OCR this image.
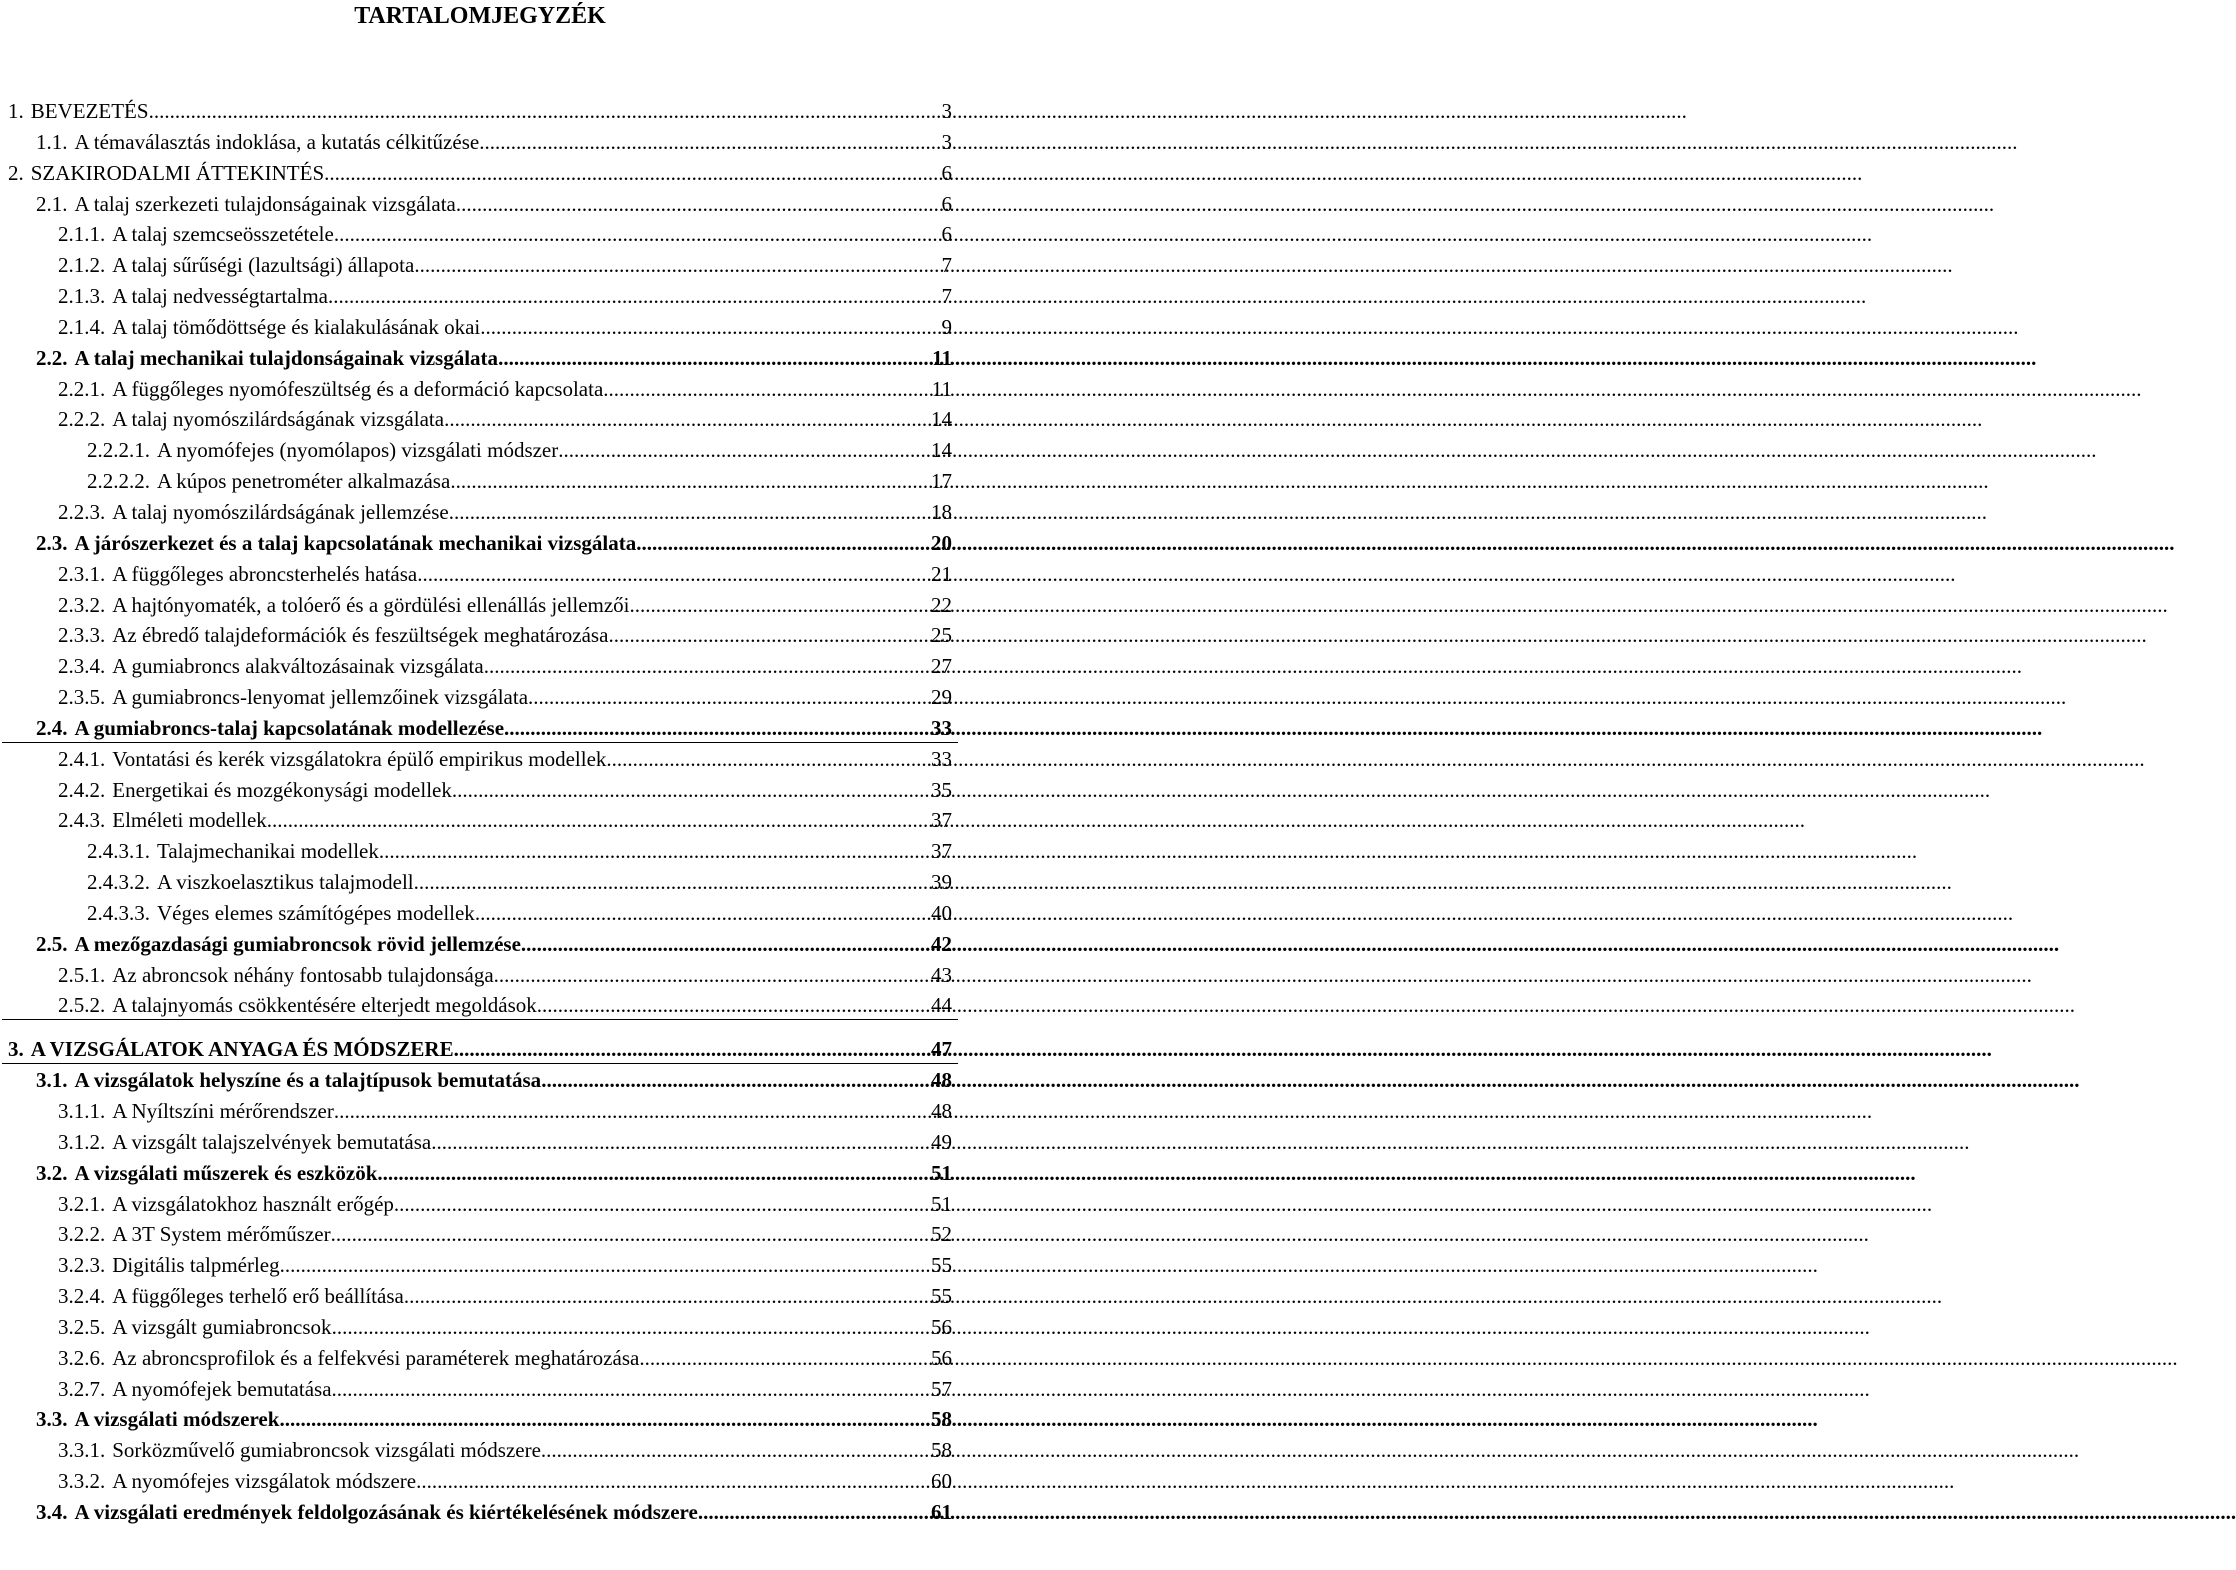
TARTALOMJEGYZÉK
1. BEVEZETÉS .....	3
1.1. A témaválasztás indoklása, a kutatás célkitűzése .....	3
2. SZAKIRODALMI ÁTTEKINTÉS .....	6
2.1. A talaj szerkezeti tulajdonságainak vizsgálata .....	6
2.1.1. A talaj szemcseösszetétele .....	6
2.1.2. A talaj sűrűségi (lazultsági) állapota .....	7
2.1.3. A talaj nedvességtartalma .....	7
2.1.4. A talaj tömődöttsége és kialakulásának okai .....	9
2.2. A talaj mechanikai tulajdonságainak vizsgálata .....	11
2.2.1. A függőleges nyomófeszültség és a deformáció kapcsolata .....	11
2.2.2. A talaj nyomószilárdságának vizsgálata .....	14
2.2.2.1. A nyomófejes (nyomólapos) vizsgálati módszer .....	14
2.2.2.2. A kúpos penetrométer alkalmazása .....	17
2.2.3. A talaj nyomószilárdságának jellemzése .....	18
2.3. A járószerkezet és a talaj kapcsolatának mechanikai vizsgálata .....	20
2.3.1. A függőleges abroncsterhelés hatása .....	21
2.3.2. A hajtónyomaték, a tolóerő és a gördülési ellenállás jellemzői .....	22
2.3.3. Az ébredő talajdeformációk és feszültségek meghatározása .....	25
2.3.4. A gumiabroncs alakváltozásainak vizsgálata .....	27
2.3.5. A gumiabroncs-lenyomat jellemzőinek vizsgálata .....	29
2.4. A gumiabroncs-talaj kapcsolatának modellezése .....	33
2.4.1. Vontatási és kerék vizsgálatokra épülő empirikus modellek .....	33
2.4.2. Energetikai és mozgékonysági modellek .....	35
2.4.3. Elméleti modellek .....	37
2.4.3.1. Talajmechanikai modellek .....	37
2.4.3.2. A viszkoelasztikus talajmodell .....	39
2.4.3.3. Véges elemes számítógépes modellek .....	40
2.5. A mezőgazdasági gumiabroncsok rövid jellemzése .....	42
2.5.1. Az abroncsok néhány fontosabb tulajdonsága .....	43
2.5.2. A talajnyomás csökkentésére elterjedt megoldások .....	44
3. A VIZSGÁLATOK ANYAGA ÉS MÓDSZERE .....	47
3.1. A vizsgálatok helyszíne és a talajtípusok bemutatása .....	48
3.1.1. A Nyíltszíni mérőrendszer .....	48
3.1.2. A vizsgált talajszelvények bemutatása .....	49
3.2. A vizsgálati műszerek és eszközök .....	51
3.2.1. A vizsgálatokhoz használt erőgép .....	51
3.2.2. A 3T System mérőműszer .....	52
3.2.3. Digitális talpmérleg .....	55
3.2.4. A függőleges terhelő erő beállítása .....	55
3.2.5. A vizsgált gumiabroncsok .....	56
3.2.6. Az abroncsprofilok és a felfekvési paraméterek meghatározása .....	56
3.2.7. A nyomófejek bemutatása .....	57
3.3. A vizsgálati módszerek .....	58
3.3.1. Sorközművelő gumiabroncsok vizsgálati módszere .....	58
3.3.2. A nyomófejes vizsgálatok módszere .....	60
3.4. A vizsgálati eredmények feldolgozásának és kiértékelésének módszere .....	61
